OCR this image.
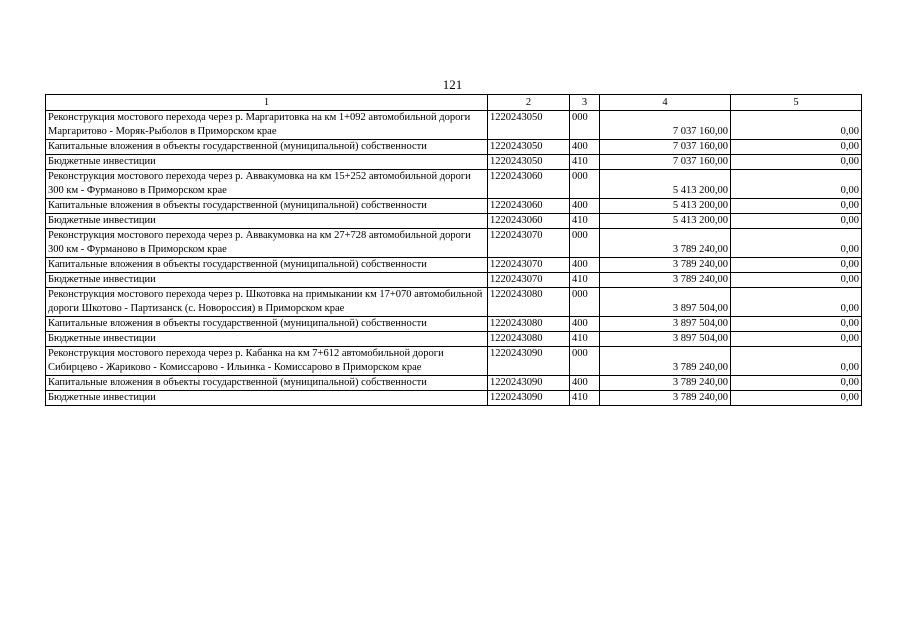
121
1	2	3	4	5
Реконструкция мостового перехода через р. Маргаритовка на км 1+092 автомобильной дороги Маргаритово - Моряк-Рыболов в Приморском крае	1220243050	000	7 037 160,00	0,00
Капитальные вложения в объекты государственной (муниципальной) собственности	1220243050	400	7 037 160,00	0,00
Бюджетные инвестиции	1220243050	410	7 037 160,00	0,00
Реконструкция мостового перехода через р. Аввакумовка на км 15+252 автомобильной дороги 300 км - Фурманово в Приморском крае	1220243060	000	5 413 200,00	0,00
Капитальные вложения в объекты государственной (муниципальной) собственности	1220243060	400	5 413 200,00	0,00
Бюджетные инвестиции	1220243060	410	5 413 200,00	0,00
Реконструкция мостового перехода через р. Аввакумовка на км 27+728 автомобильной дороги 300 км - Фурманово в Приморском крае	1220243070	000	3 789 240,00	0,00
Капитальные вложения в объекты государственной (муниципальной) собственности	1220243070	400	3 789 240,00	0,00
Бюджетные инвестиции	1220243070	410	3 789 240,00	0,00
Реконструкция мостового перехода через р. Шкотовка на примыкании км 17+070 автомобильной дороги Шкотово - Партизанск (с. Новороссия) в Приморском крае	1220243080	000	3 897 504,00	0,00
Капитальные вложения в объекты государственной (муниципальной) собственности	1220243080	400	3 897 504,00	0,00
Бюджетные инвестиции	1220243080	410	3 897 504,00	0,00
Реконструкция мостового перехода через р. Кабанка на км 7+612 автомобильной дороги Сибирцево - Жариково - Комиссарово - Ильинка - Комиссарово в Приморском крае	1220243090	000	3 789 240,00	0,00
Капитальные вложения в объекты государственной (муниципальной) собственности	1220243090	400	3 789 240,00	0,00
Бюджетные инвестиции	1220243090	410	3 789 240,00	0,00
